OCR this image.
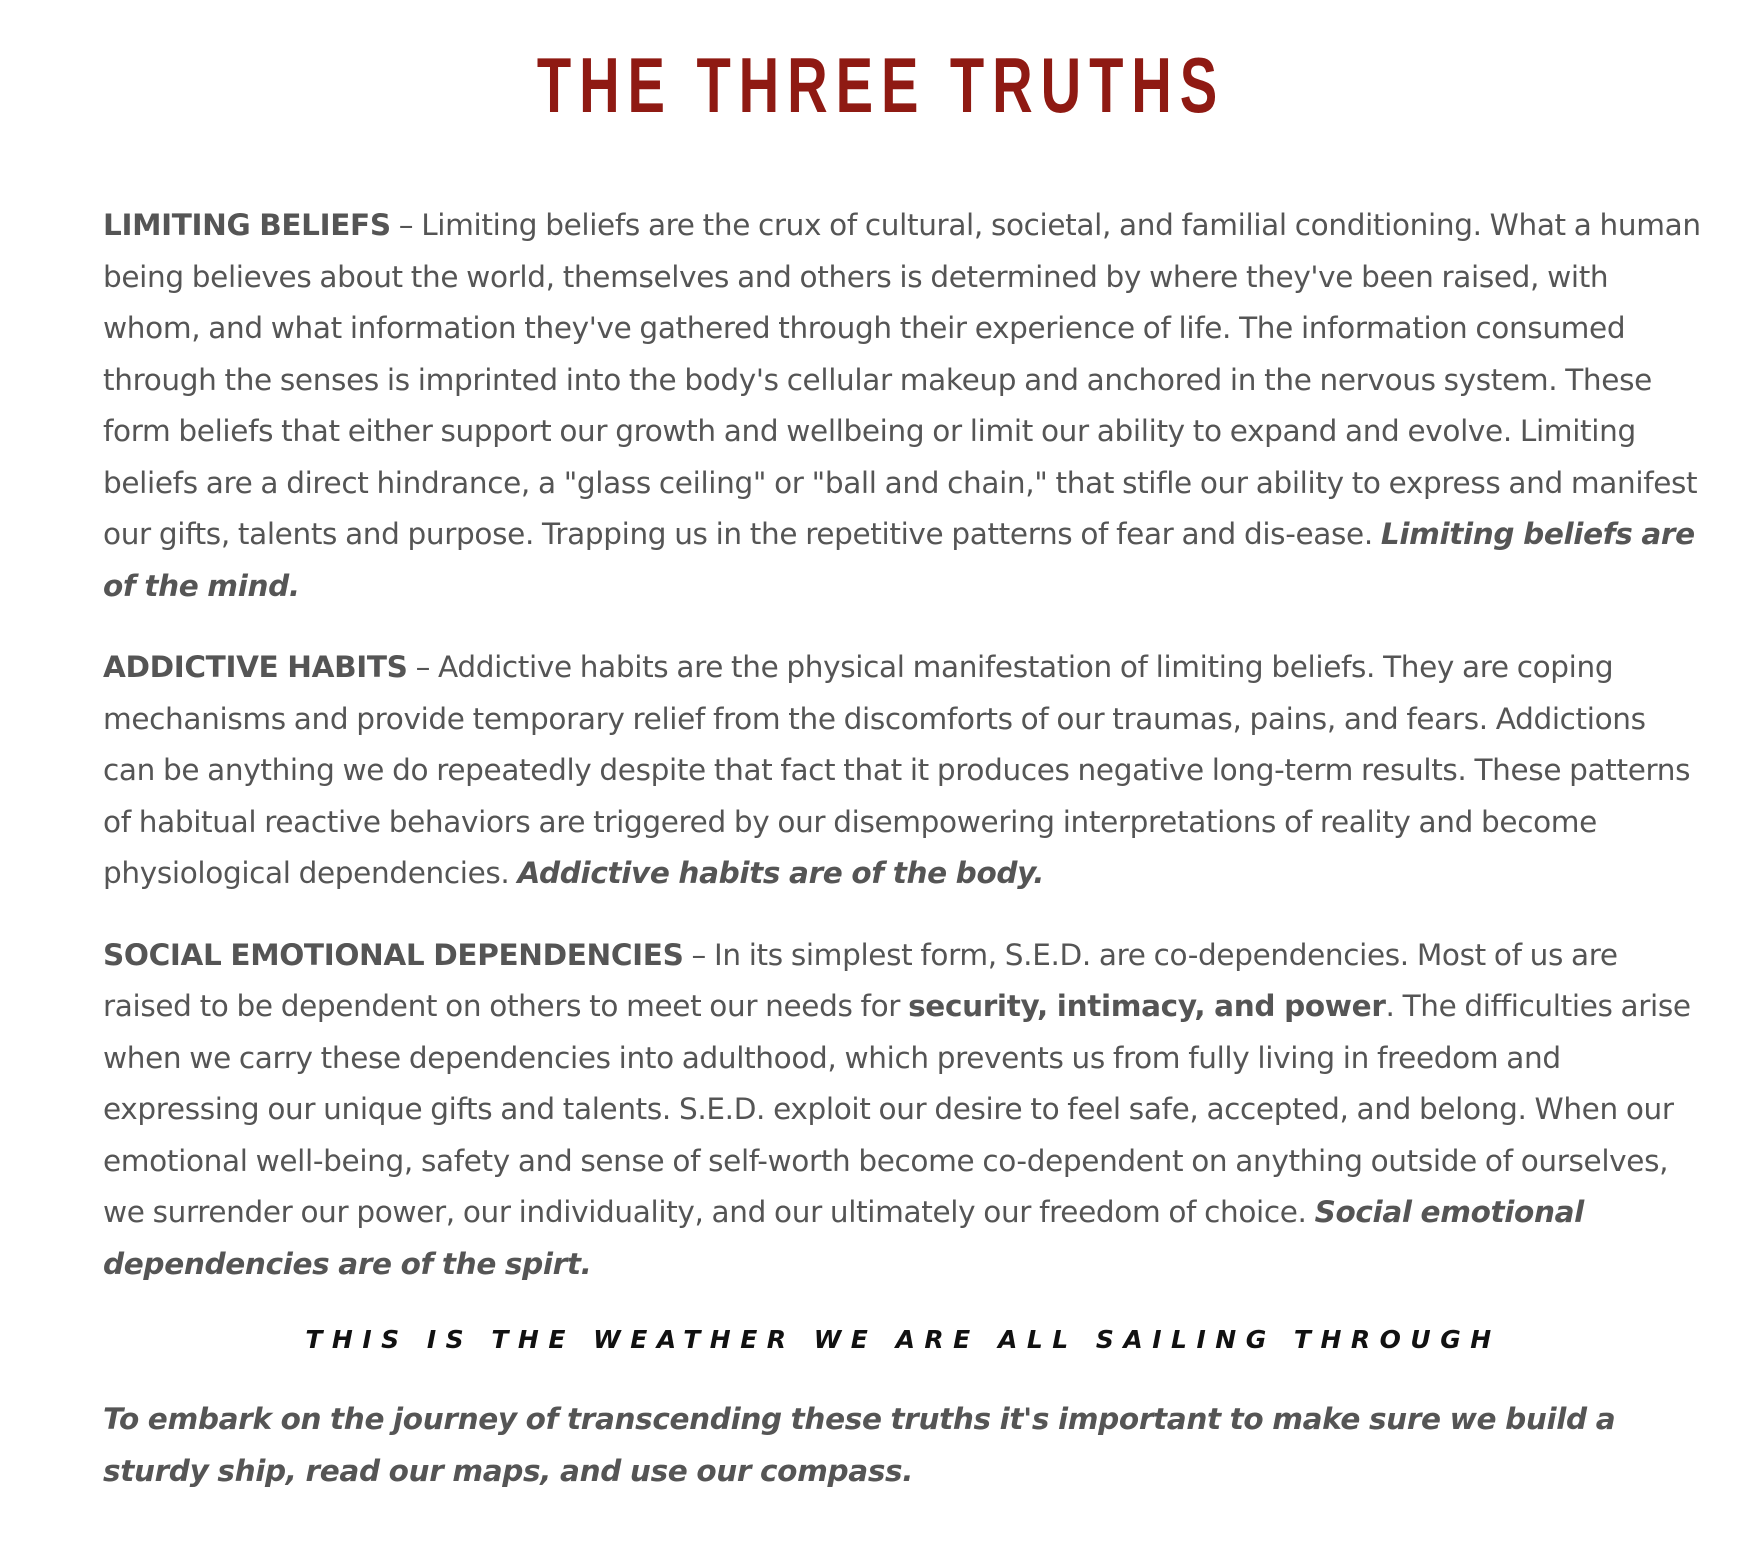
THE THREE TRUTHS

LIMITING BELIEFS – Limiting beliefs are the crux of cultural, societal, and familial conditioning. What a human being believes about the world, themselves and others is determined by where they've been raised, with whom, and what information they've gathered through their experience of life. The information consumed through the senses is imprinted into the body's cellular makeup and anchored in the nervous system. These form beliefs that either support our growth and wellbeing or limit our ability to expand and evolve. Limiting beliefs are a direct hindrance, a "glass ceiling" or "ball and chain," that stifle our ability to express and manifest our gifts, talents and purpose. Trapping us in the repetitive patterns of fear and dis-ease. Limiting beliefs are of the mind.

ADDICTIVE HABITS – Addictive habits are the physical manifestation of limiting beliefs. They are coping mechanisms and provide temporary relief from the discomforts of our traumas, pains, and fears. Addictions can be anything we do repeatedly despite that fact that it produces negative long-term results. These patterns of habitual reactive behaviors are triggered by our disempowering interpretations of reality and become physiological dependencies. Addictive habits are of the body.

SOCIAL EMOTIONAL DEPENDENCIES – In its simplest form, S.E.D. are co-dependencies. Most of us are raised to be dependent on others to meet our needs for security, intimacy, and power. The difficulties arise when we carry these dependencies into adulthood, which prevents us from fully living in freedom and expressing our unique gifts and talents. S.E.D. exploit our desire to feel safe, accepted, and belong. When our emotional well-being, safety and sense of self-worth become co-dependent on anything outside of ourselves, we surrender our power, our individuality, and our ultimately our freedom of choice. Social emotional dependencies are of the spirt.

THIS IS THE WEATHER WE ARE ALL SAILING THROUGH

To embark on the journey of transcending these truths it's important to make sure we build a sturdy ship, read our maps, and use our compass.
